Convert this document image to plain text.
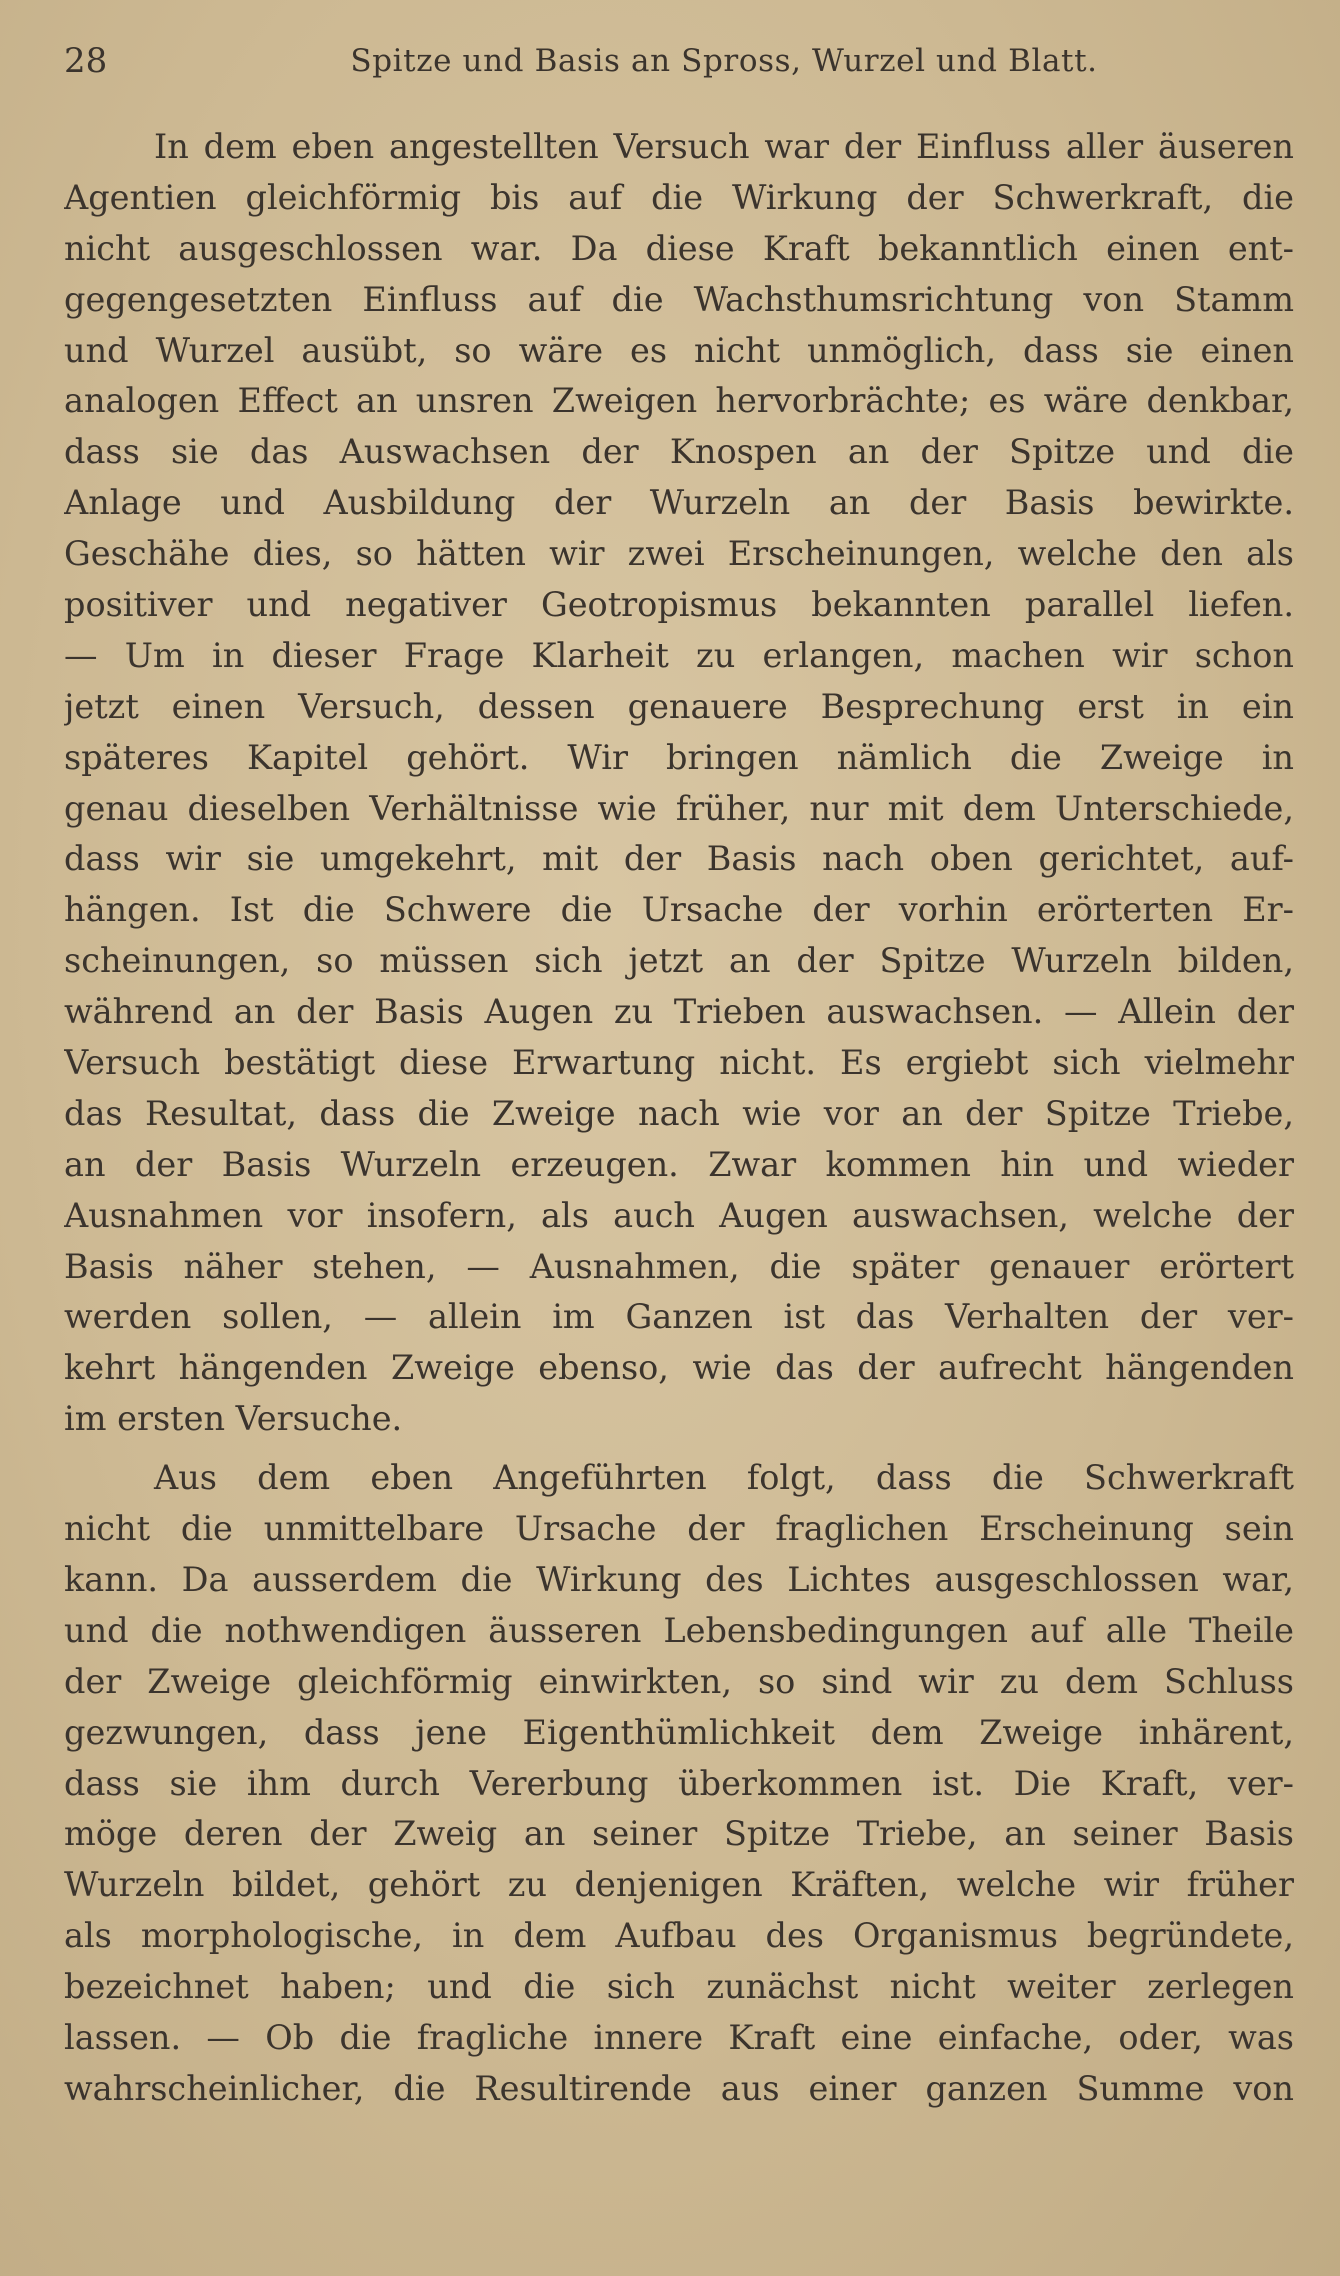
28	Spitze und Basis an Spross, Wurzel und Blatt.
In dem eben angestellten Versuch war der Einfluss aller äuseren
Agentien gleichförmig bis auf die Wirkung der Schwerkraft, die
nicht ausgeschlossen war. Da diese Kraft bekanntlich einen ent-
gegengesetzten Einfluss auf die Wachsthumsrichtung von Stamm
und Wurzel ausübt, so wäre es nicht unmöglich, dass sie einen
analogen Effect an unsren Zweigen hervorbrächte; es wäre denkbar,
dass sie das Auswachsen der Knospen an der Spitze und die
Anlage und Ausbildung der Wurzeln an der Basis bewirkte.
Geschähe dies, so hätten wir zwei Erscheinungen, welche den als
positiver und negativer Geotropismus bekannten parallel liefen.
— Um in dieser Frage Klarheit zu erlangen, machen wir schon
jetzt einen Versuch, dessen genauere Besprechung erst in ein
späteres Kapitel gehört. Wir bringen nämlich die Zweige in
genau dieselben Verhältnisse wie früher, nur mit dem Unterschiede,
dass wir sie umgekehrt, mit der Basis nach oben gerichtet, auf-
hängen. Ist die Schwere die Ursache der vorhin erörterten Er-
scheinungen, so müssen sich jetzt an der Spitze Wurzeln bilden,
während an der Basis Augen zu Trieben auswachsen. — Allein der
Versuch bestätigt diese Erwartung nicht. Es ergiebt sich vielmehr
das Resultat, dass die Zweige nach wie vor an der Spitze Triebe,
an der Basis Wurzeln erzeugen. Zwar kommen hin und wieder
Ausnahmen vor insofern, als auch Augen auswachsen, welche der
Basis näher stehen, — Ausnahmen, die später genauer erörtert
werden sollen, — allein im Ganzen ist das Verhalten der ver-
kehrt hängenden Zweige ebenso, wie das der aufrecht hängenden
im ersten Versuche.
Aus dem eben Angeführten folgt, dass die Schwerkraft
nicht die unmittelbare Ursache der fraglichen Erscheinung sein
kann. Da ausserdem die Wirkung des Lichtes ausgeschlossen war,
und die nothwendigen äusseren Lebensbedingungen auf alle Theile
der Zweige gleichförmig einwirkten, so sind wir zu dem Schluss
gezwungen, dass jene Eigenthümlichkeit dem Zweige inhärent,
dass sie ihm durch Vererbung überkommen ist. Die Kraft, ver-
möge deren der Zweig an seiner Spitze Triebe, an seiner Basis
Wurzeln bildet, gehört zu denjenigen Kräften, welche wir früher
als morphologische, in dem Aufbau des Organismus begründete,
bezeichnet haben; und die sich zunächst nicht weiter zerlegen
lassen. — Ob die fragliche innere Kraft eine einfache, oder, was
wahrscheinlicher, die Resultirende aus einer ganzen Summe von
